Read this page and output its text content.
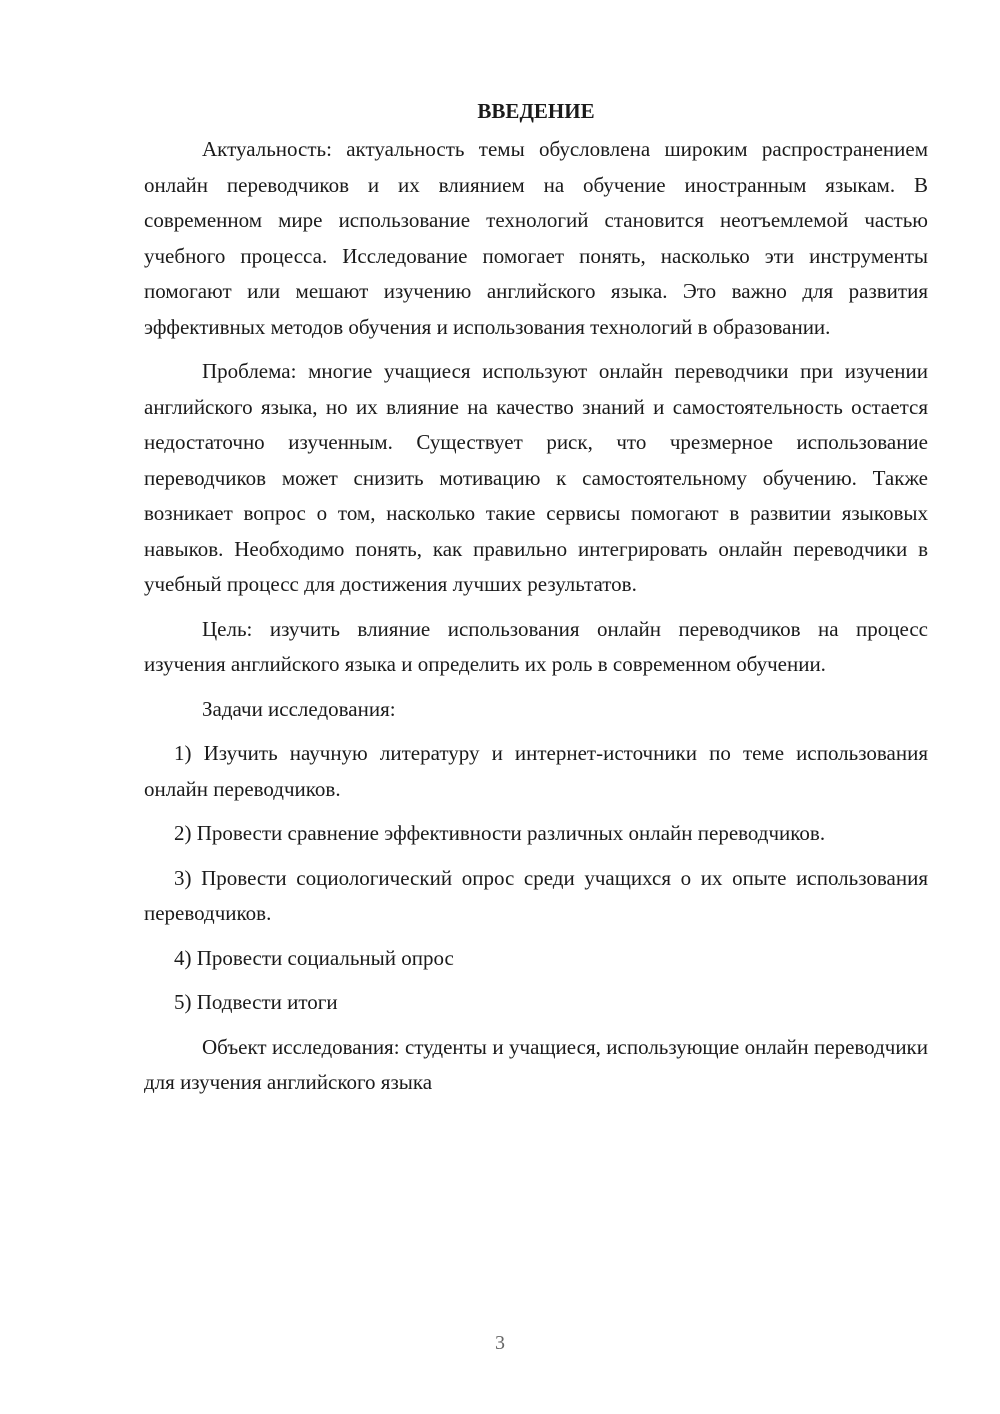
ВВЕДЕНИЕ

Актуальность: актуальность темы обусловлена широким распространением онлайн переводчиков и их влиянием на обучение иностранным языкам. В современном мире использование технологий становится неотъемлемой частью учебного процесса. Исследование помогает понять, насколько эти инструменты помогают или мешают изучению английского языка. Это важно для развития эффективных методов обучения и использования технологий в образовании.

Проблема: многие учащиеся используют онлайн переводчики при изучении английского языка, но их влияние на качество знаний и самостоятельность остается недостаточно изученным. Существует риск, что чрезмерное использование переводчиков может снизить мотивацию к самостоятельному обучению. Также возникает вопрос о том, насколько такие сервисы помогают в развитии языковых навыков. Необходимо понять, как правильно интегрировать онлайн переводчики в учебный процесс для достижения лучших результатов.

Цель: изучить влияние использования онлайн переводчиков на процесс изучения английского языка и определить их роль в современном обучении.

Задачи исследования:

1) Изучить научную литературу и интернет-источники по теме использования онлайн переводчиков.

2) Провести сравнение эффективности различных онлайн переводчиков.

3) Провести социологический опрос среди учащихся о их опыте использования переводчиков.

4) Провести социальный опрос

5) Подвести итоги

Объект исследования: студенты и учащиеся, использующие онлайн переводчики для изучения английского языка

3
